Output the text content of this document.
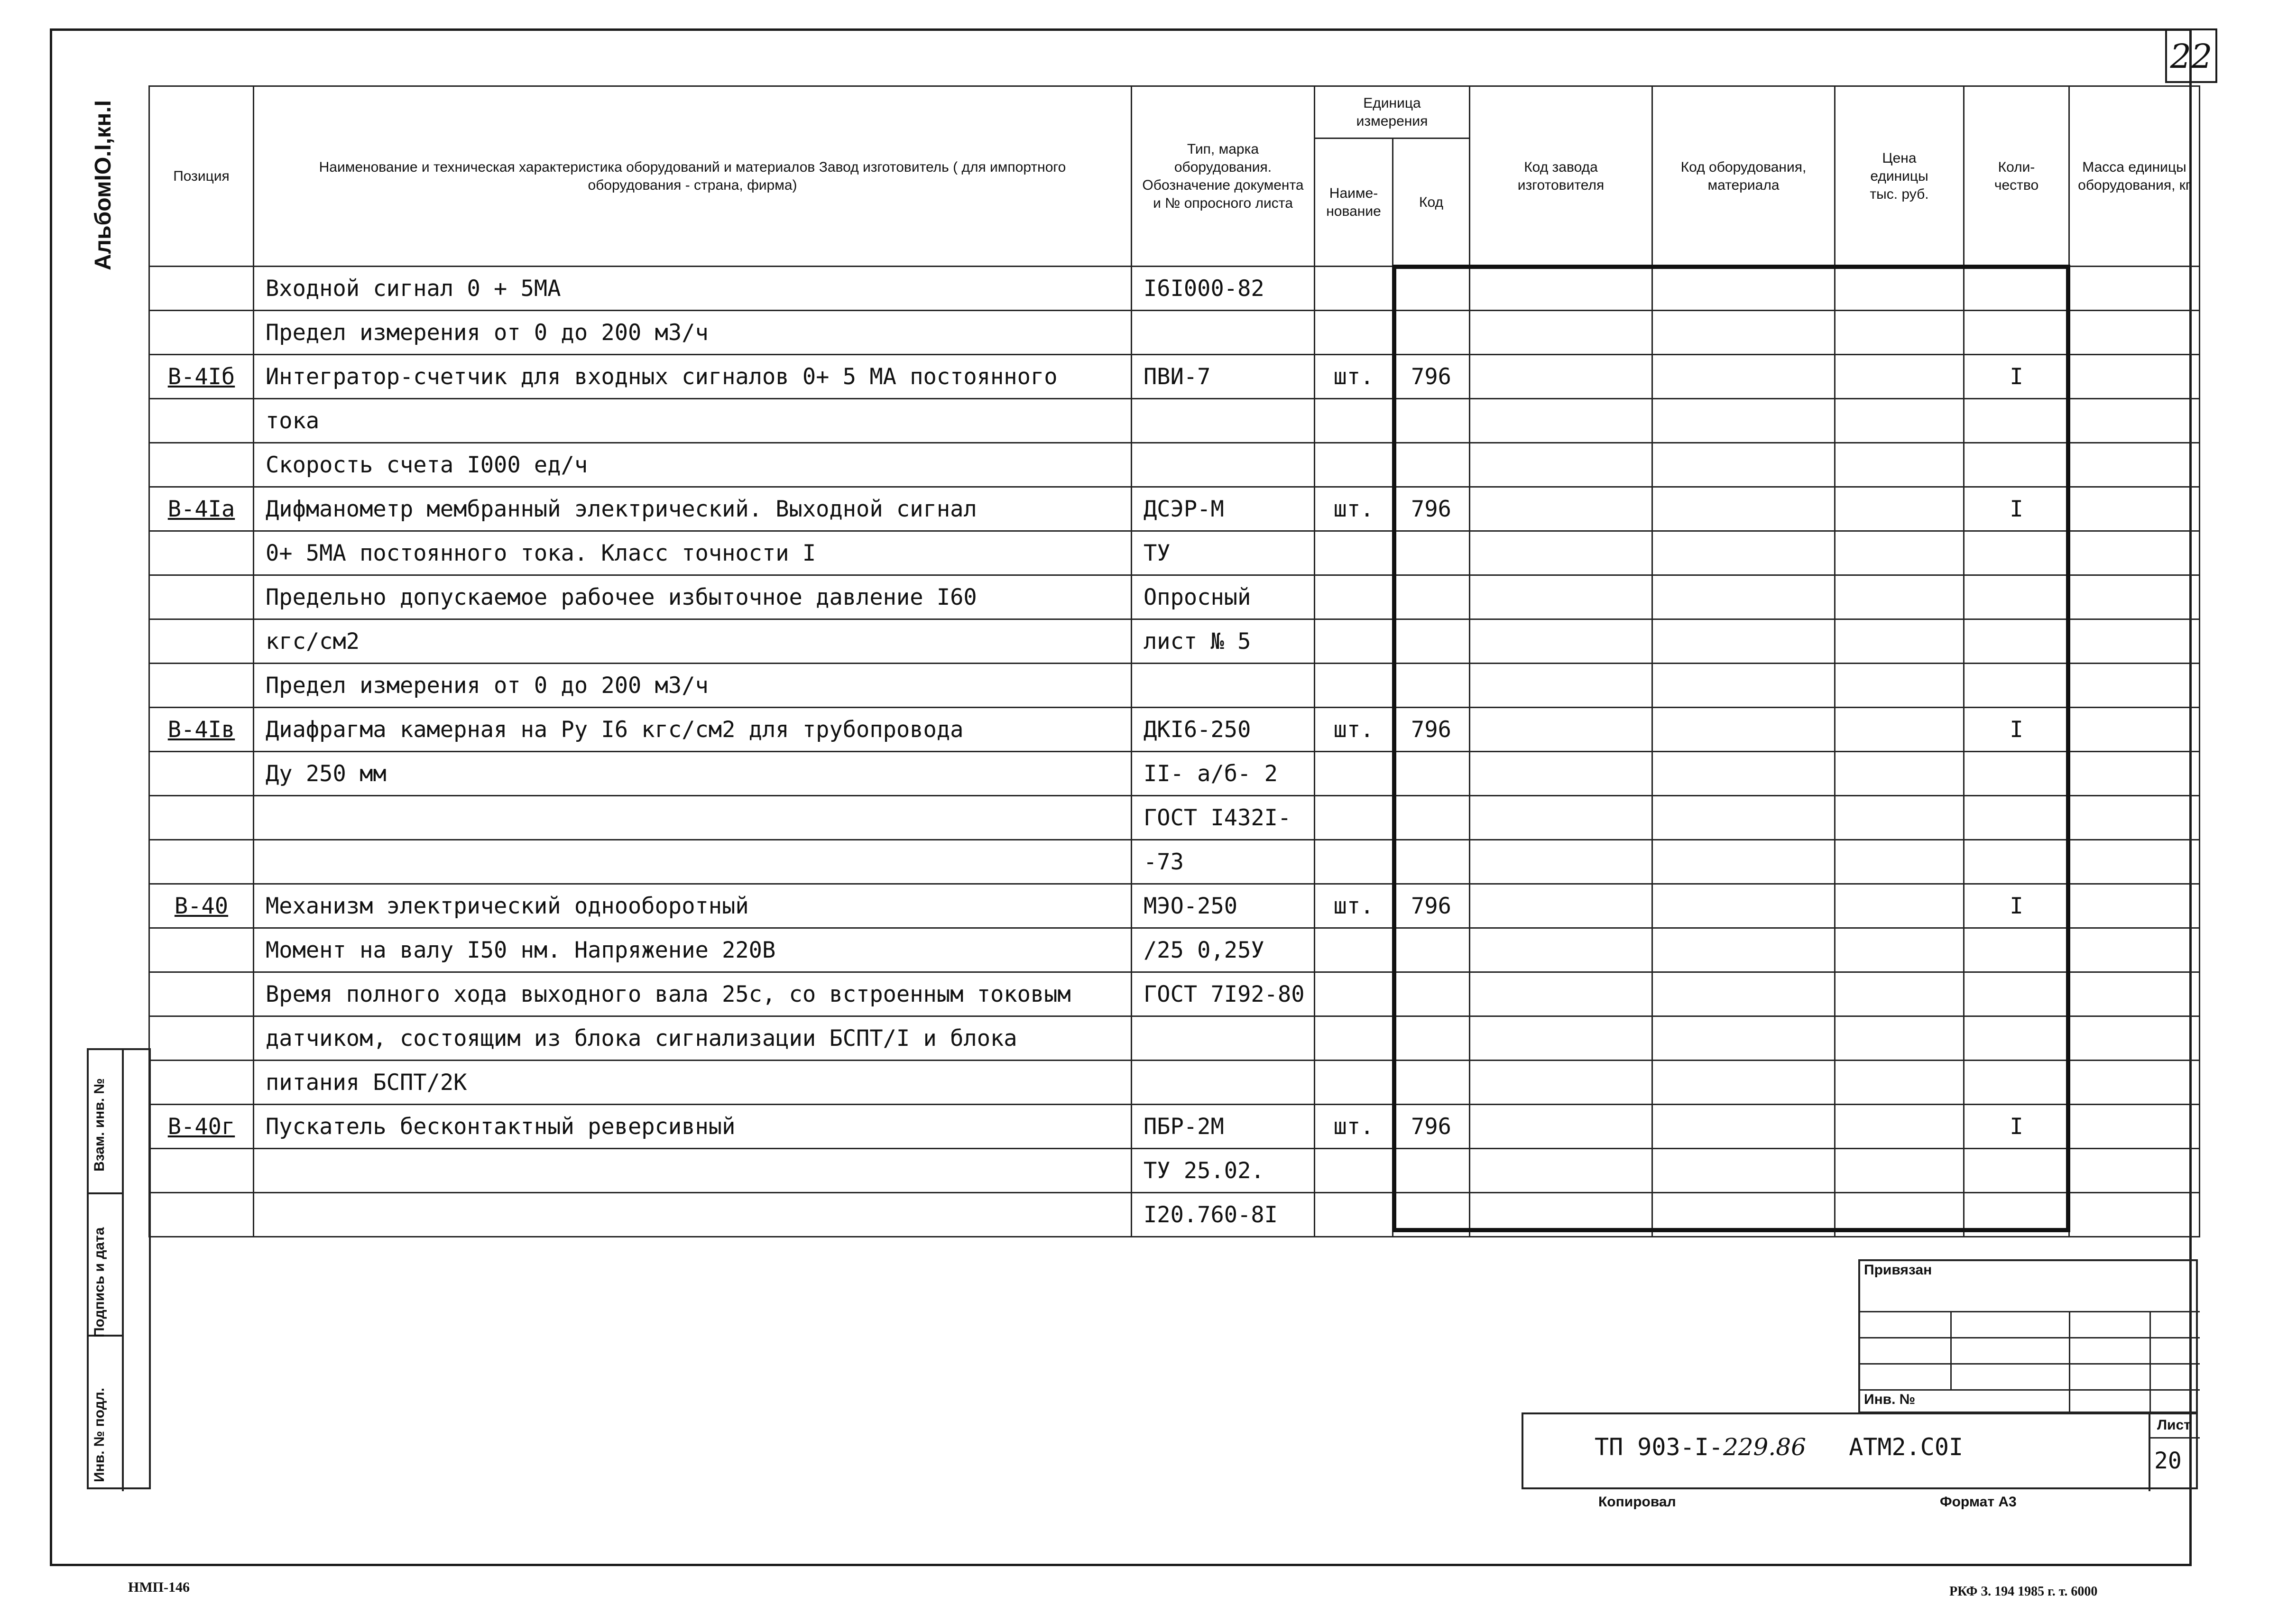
22
АльбомIO.I,кн.I	Позиция	Наименование и техническая характеристика оборудований и материалов Завод изготовитель ( для импортного оборудования - страна, фирма)	Тип, марка оборудования. Обозначение документа и № опросного листа	Единица измерения		Код завода изготовителя	Код оборудования, материала	Цена единицы тыс. руб.	Коли-чество	Масса единицы оборудования, кг
			Наиме-нование	Код					
	Входной сигнал 0 + 5МА	I6I000-82							
	Предел измерения от 0 до 200 м3/ч								
В-4Iб	Интегратор-счетчик для входных сигналов 0+ 5 МА постоянного	ПВИ-7	шт.	796				I	
	тока								
	Скорость счета I000 ед/ч								
В-4Iа	Дифманометр мембранный электрический. Выходной сигнал	ДСЭР-М	шт.	796				I	
	0+ 5МА постоянного тока. Класс точности I	ТУ							
	Предельно допускаемое рабочее избыточное давление I60	Опросный							
	кгс/см2	лист № 5							
	Предел измерения от 0 до 200 м3/ч								
В-4Iв	Диафрагма камерная на Ру I6 кгс/см2 для трубопровода	ДКI6-250	шт.	796				I	
	Ду 250 мм	II- а/б- 2							
		ГОСТ I432I-							
		-73							
В-40	Механизм электрический однооборотный	МЭО-250	шт.	796				I	
	Момент на валу I50 нм. Напряжение 220В	/25 0,25У							
	Время полного хода выходного вала 25с, со встроенным токовым	ГОСТ 7I92-80							
	датчиком, состоящим из блока сигнализации БСПТ/I и блока								
	питания БСПТ/2К								
В-40г	Пускатель бесконтактный реверсивный	ПБР-2М	шт.	796				I	
		ТУ 25.02.							
		I20.760-8I							
Взам. инв. №
Подпись и дата
Инв. № подл.
Привязан
Инв. №
ТП 903-I-229.86 АТМ2.С0I
Лист
20
Копировал	Формат А3
НМП-146	РКФ З. 194 1985 г. т. 6000
